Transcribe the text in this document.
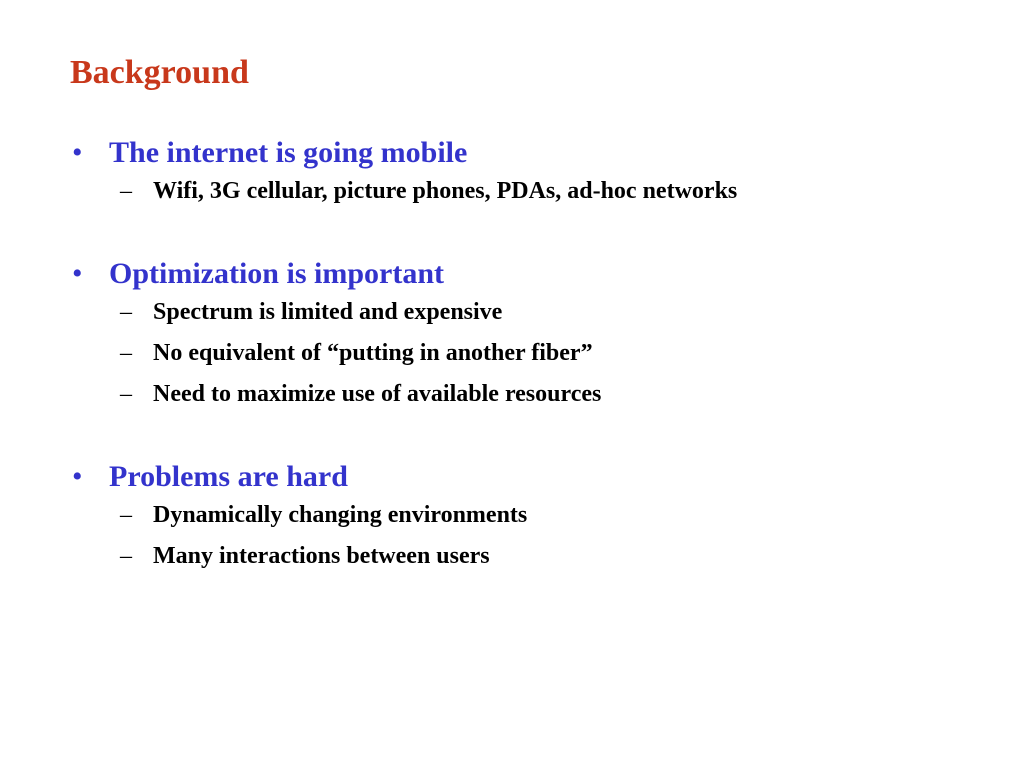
Background
• The internet is going mobile
– Wifi, 3G cellular, picture phones, PDAs, ad-hoc networks
• Optimization is important
– Spectrum is limited and expensive
– No equivalent of “putting in another fiber”
– Need to maximize use of available resources
• Problems are hard
– Dynamically changing environments
– Many interactions between users
